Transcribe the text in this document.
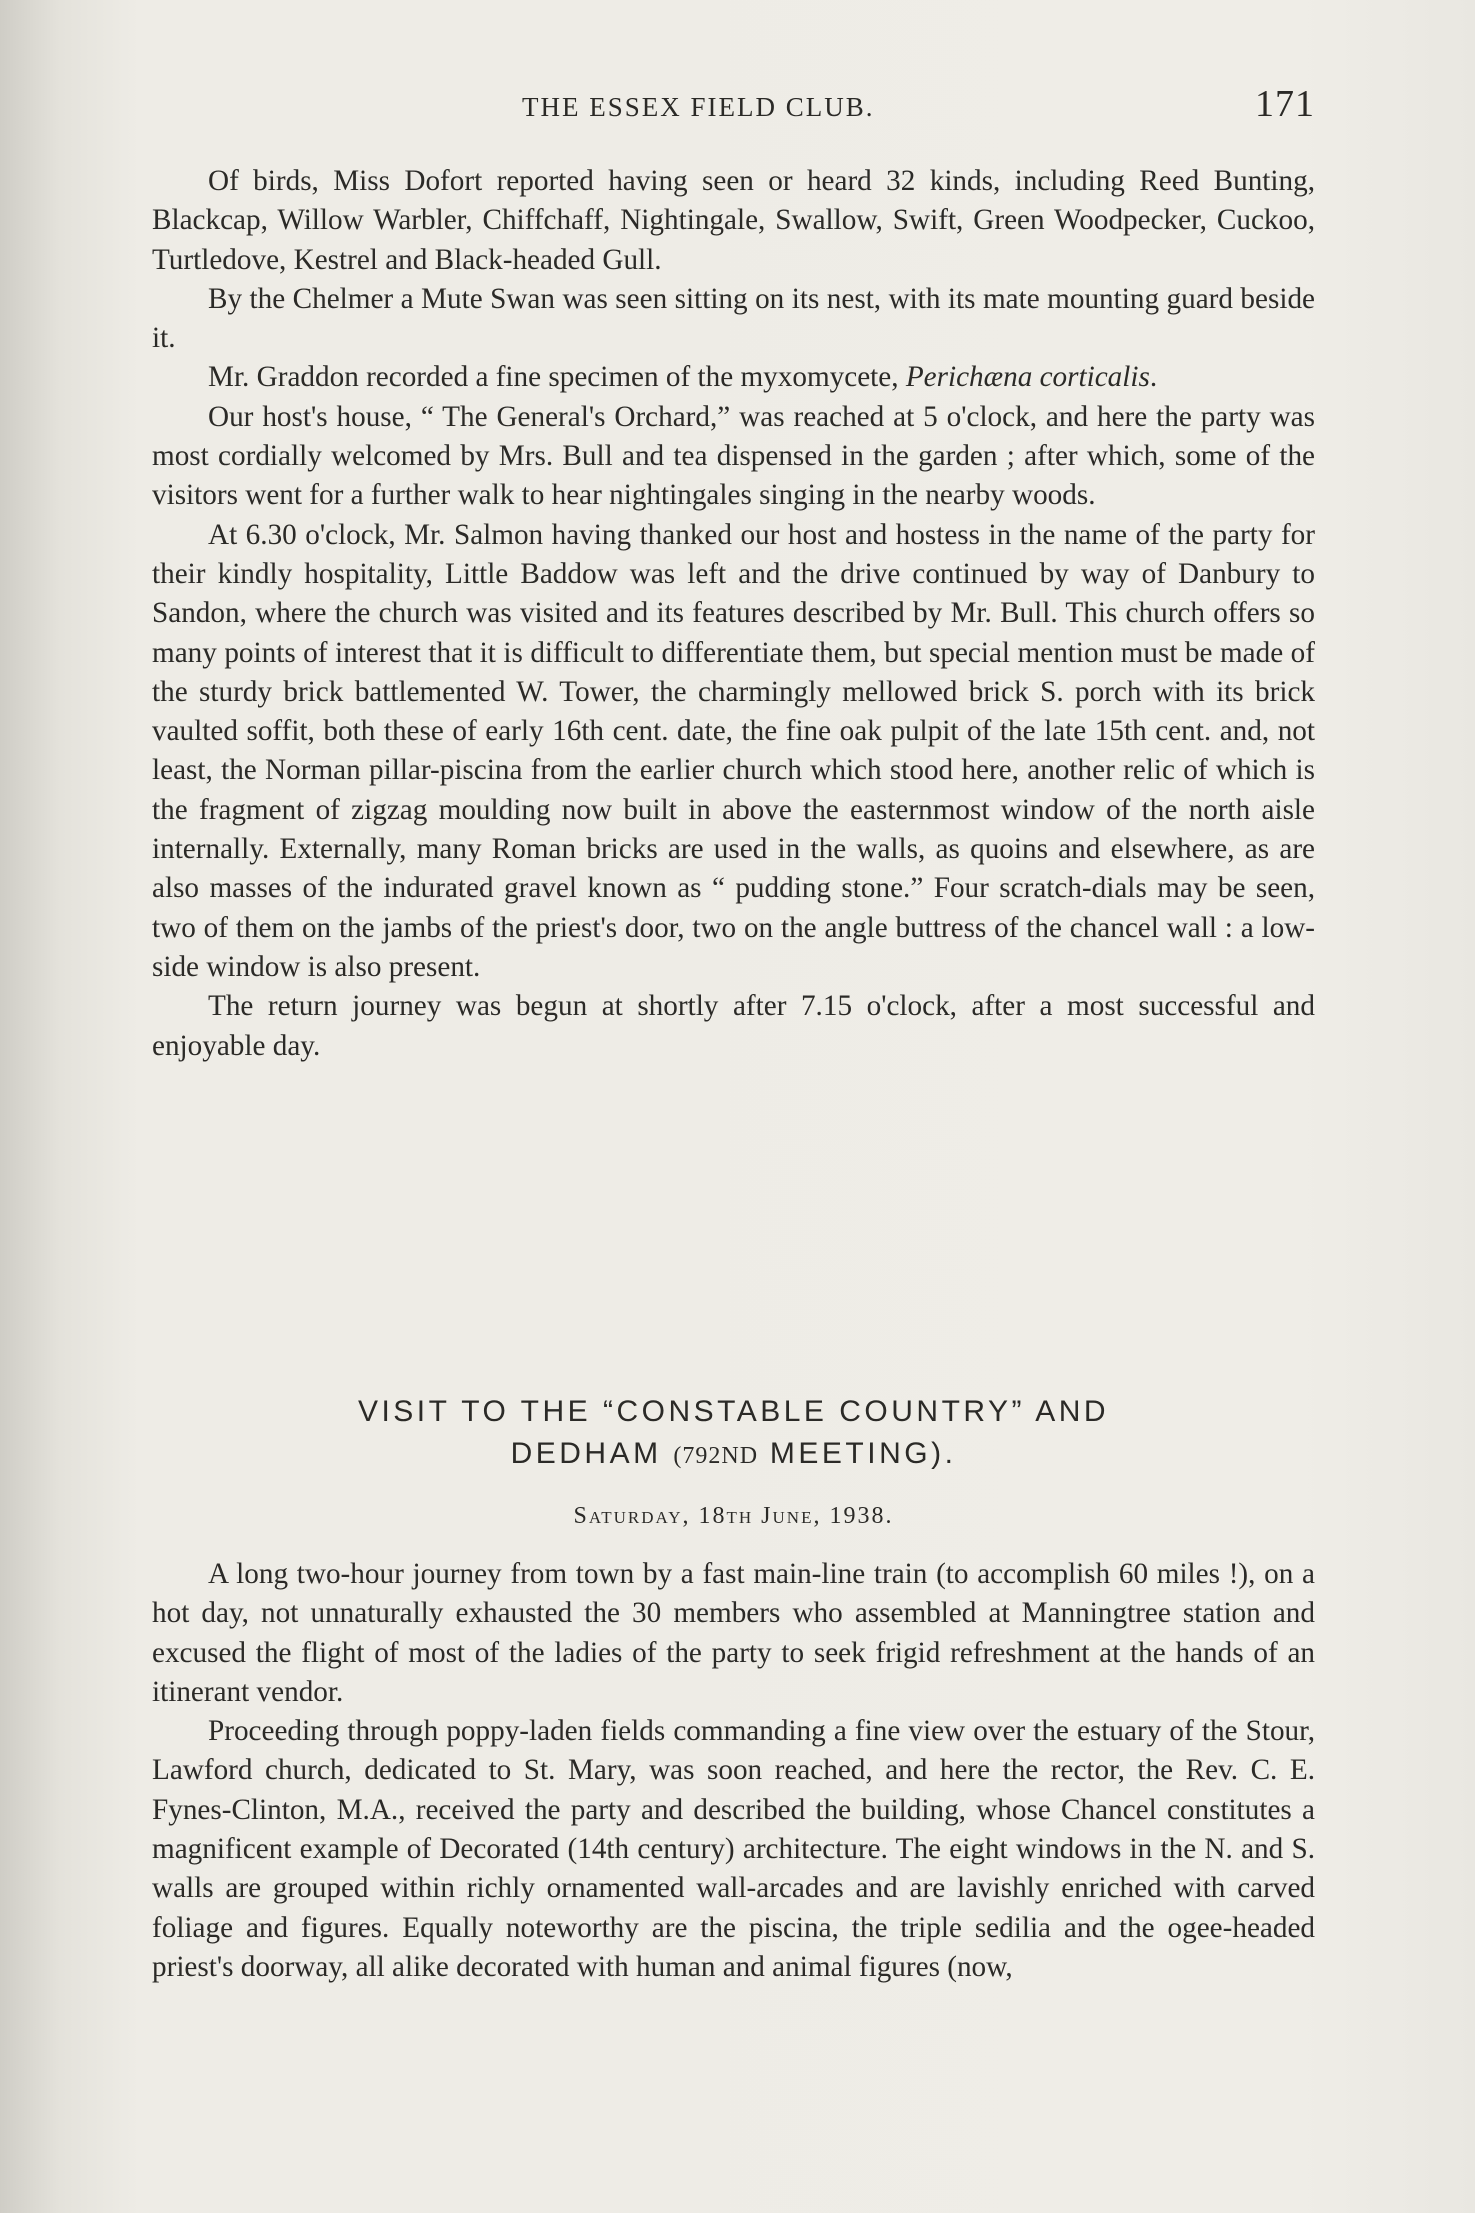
THE ESSEX FIELD CLUB.	171

Of birds, Miss Dofort reported having seen or heard 32 kinds, including Reed Bunting, Blackcap, Willow Warbler, Chiffchaff, Nightingale, Swallow, Swift, Green Woodpecker, Cuckoo, Turtledove, Kestrel and Black-headed Gull.

By the Chelmer a Mute Swan was seen sitting on its nest, with its mate mounting guard beside it.

Mr. Graddon recorded a fine specimen of the myxomycete, Perichæna corticalis.

Our host's house, “ The General's Orchard,” was reached at 5 o'clock, and here the party was most cordially welcomed by Mrs. Bull and tea dispensed in the garden ; after which, some of the visitors went for a further walk to hear nightingales singing in the nearby woods.

At 6.30 o'clock, Mr. Salmon having thanked our host and hostess in the name of the party for their kindly hospitality, Little Baddow was left and the drive continued by way of Danbury to Sandon, where the church was visited and its features described by Mr. Bull. This church offers so many points of interest that it is difficult to differentiate them, but special mention must be made of the sturdy brick battlemented W. Tower, the charmingly mellowed brick S. porch with its brick vaulted soffit, both these of early 16th cent. date, the fine oak pulpit of the late 15th cent. and, not least, the Norman pillar-piscina from the earlier church which stood here, another relic of which is the fragment of zigzag moulding now built in above the easternmost window of the north aisle internally. Externally, many Roman bricks are used in the walls, as quoins and elsewhere, as are also masses of the indurated gravel known as “ pudding stone.” Four scratch-dials may be seen, two of them on the jambs of the priest's door, two on the angle buttress of the chancel wall : a low-side window is also present.

The return journey was begun at shortly after 7.15 o'clock, after a most successful and enjoyable day.

VISIT TO THE “CONSTABLE COUNTRY” AND
DEDHAM (792ND MEETING).
Saturday, 18th June, 1938.

A long two-hour journey from town by a fast main-line train (to accomplish 60 miles !), on a hot day, not unnaturally exhausted the 30 members who assembled at Manningtree station and excused the flight of most of the ladies of the party to seek frigid refreshment at the hands of an itinerant vendor.

Proceeding through poppy-laden fields commanding a fine view over the estuary of the Stour, Lawford church, dedicated to St. Mary, was soon reached, and here the rector, the Rev. C. E. Fynes-Clinton, M.A., received the party and described the building, whose Chancel constitutes a magnificent example of Decorated (14th century) architecture. The eight windows in the N. and S. walls are grouped within richly ornamented wall-arcades and are lavishly enriched with carved foliage and figures. Equally noteworthy are the piscina, the triple sedilia and the ogee-headed priest's doorway, all alike decorated with human and animal figures (now,
